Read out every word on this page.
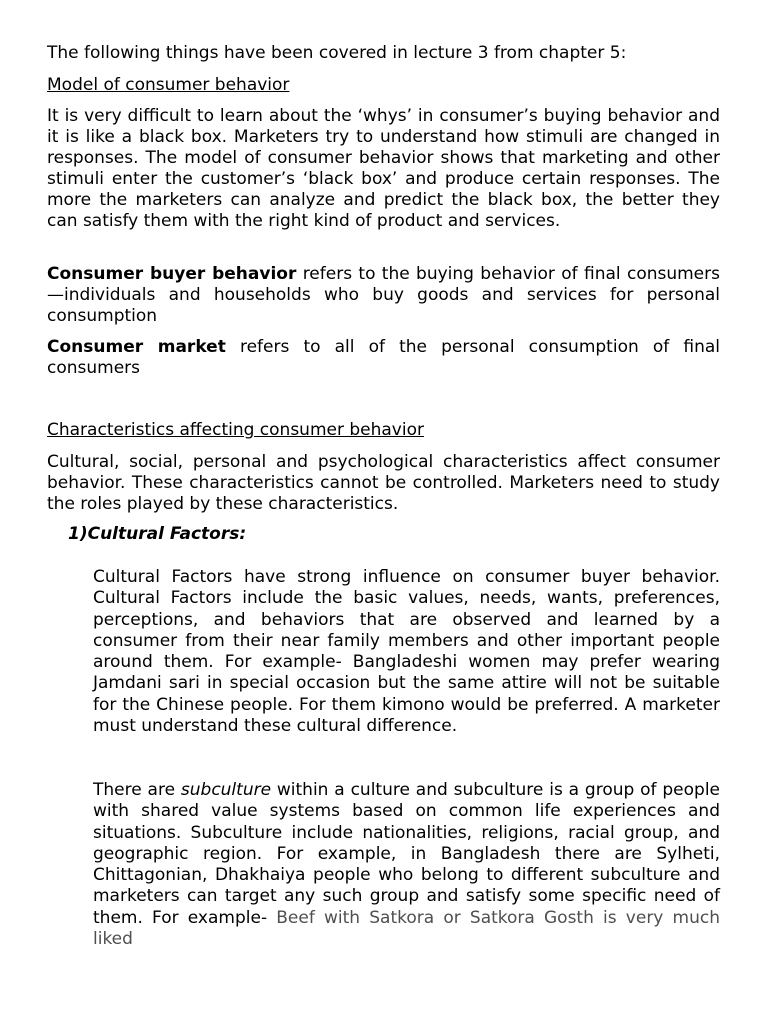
The following things have been covered in lecture 3 from chapter 5:

Model of consumer behavior

It is very difficult to learn about the ‘whys’ in consumer’s buying behavior and it is like a black box. Marketers try to understand how stimuli are changed in responses. The model of consumer behavior shows that marketing and other stimuli enter the customer’s ‘black box’ and produce certain responses. The more the marketers can analyze and predict the black box, the better they can satisfy them with the right kind of product and services.

Consumer buyer behavior refers to the buying behavior of final consumers—individuals and households who buy goods and services for personal consumption

Consumer market refers to all of the personal consumption of final consumers

Characteristics affecting consumer behavior

Cultural, social, personal and psychological characteristics affect consumer behavior. These characteristics cannot be controlled. Marketers need to study the roles played by these characteristics.

1)Cultural Factors:

Cultural Factors have strong influence on consumer buyer behavior. Cultural Factors include the basic values, needs, wants, preferences, perceptions, and behaviors that are observed and learned by a consumer from their near family members and other important people around them. For example- Bangladeshi women may prefer wearing Jamdani sari in special occasion but the same attire will not be suitable for the Chinese people. For them kimono would be preferred. A marketer must understand these cultural difference.

There are subculture within a culture and subculture is a group of people with shared value systems based on common life experiences and situations. Subculture include nationalities, religions, racial group, and geographic region. For example, in Bangladesh there are Sylheti, Chittagonian, Dhakhaiya people who belong to different subculture and marketers can target any such group and satisfy some specific need of them. For example- Beef with Satkora or Satkora Gosth is very much liked
